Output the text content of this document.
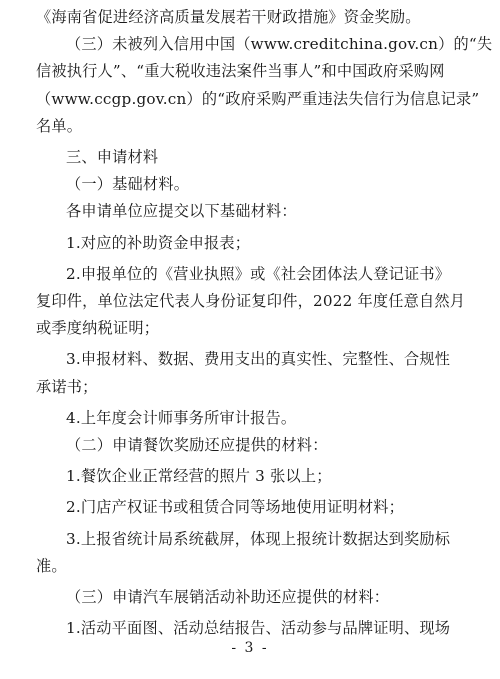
《海南省促进经济高质量发展若干财政措施》资金奖励。

（三）未被列入信用中国（www.creditchina.gov.cn）的“失
信被执行人”、“重大税收违法案件当事人”和中国政府采购网
（www.ccgp.gov.cn）的“政府采购严重违法失信行为信息记录”
名单。

三、申请材料

（一）基础材料。

各申请单位应提交以下基础材料：

1.对应的补助资金申报表；

2.申报单位的《营业执照》或《社会团体法人登记证书》
复印件，单位法定代表人身份证复印件，2022 年度任意自然月
或季度纳税证明；

3.申报材料、数据、费用支出的真实性、完整性、合规性
承诺书；

4.上年度会计师事务所审计报告。

（二）申请餐饮奖励还应提供的材料：

1.餐饮企业正常经营的照片 3 张以上；

2.门店产权证书或租赁合同等场地使用证明材料；

3.上报省统计局系统截屏，体现上报统计数据达到奖励标
准。

（三）申请汽车展销活动补助还应提供的材料：

1.活动平面图、活动总结报告、活动参与品牌证明、现场

- 3 -
